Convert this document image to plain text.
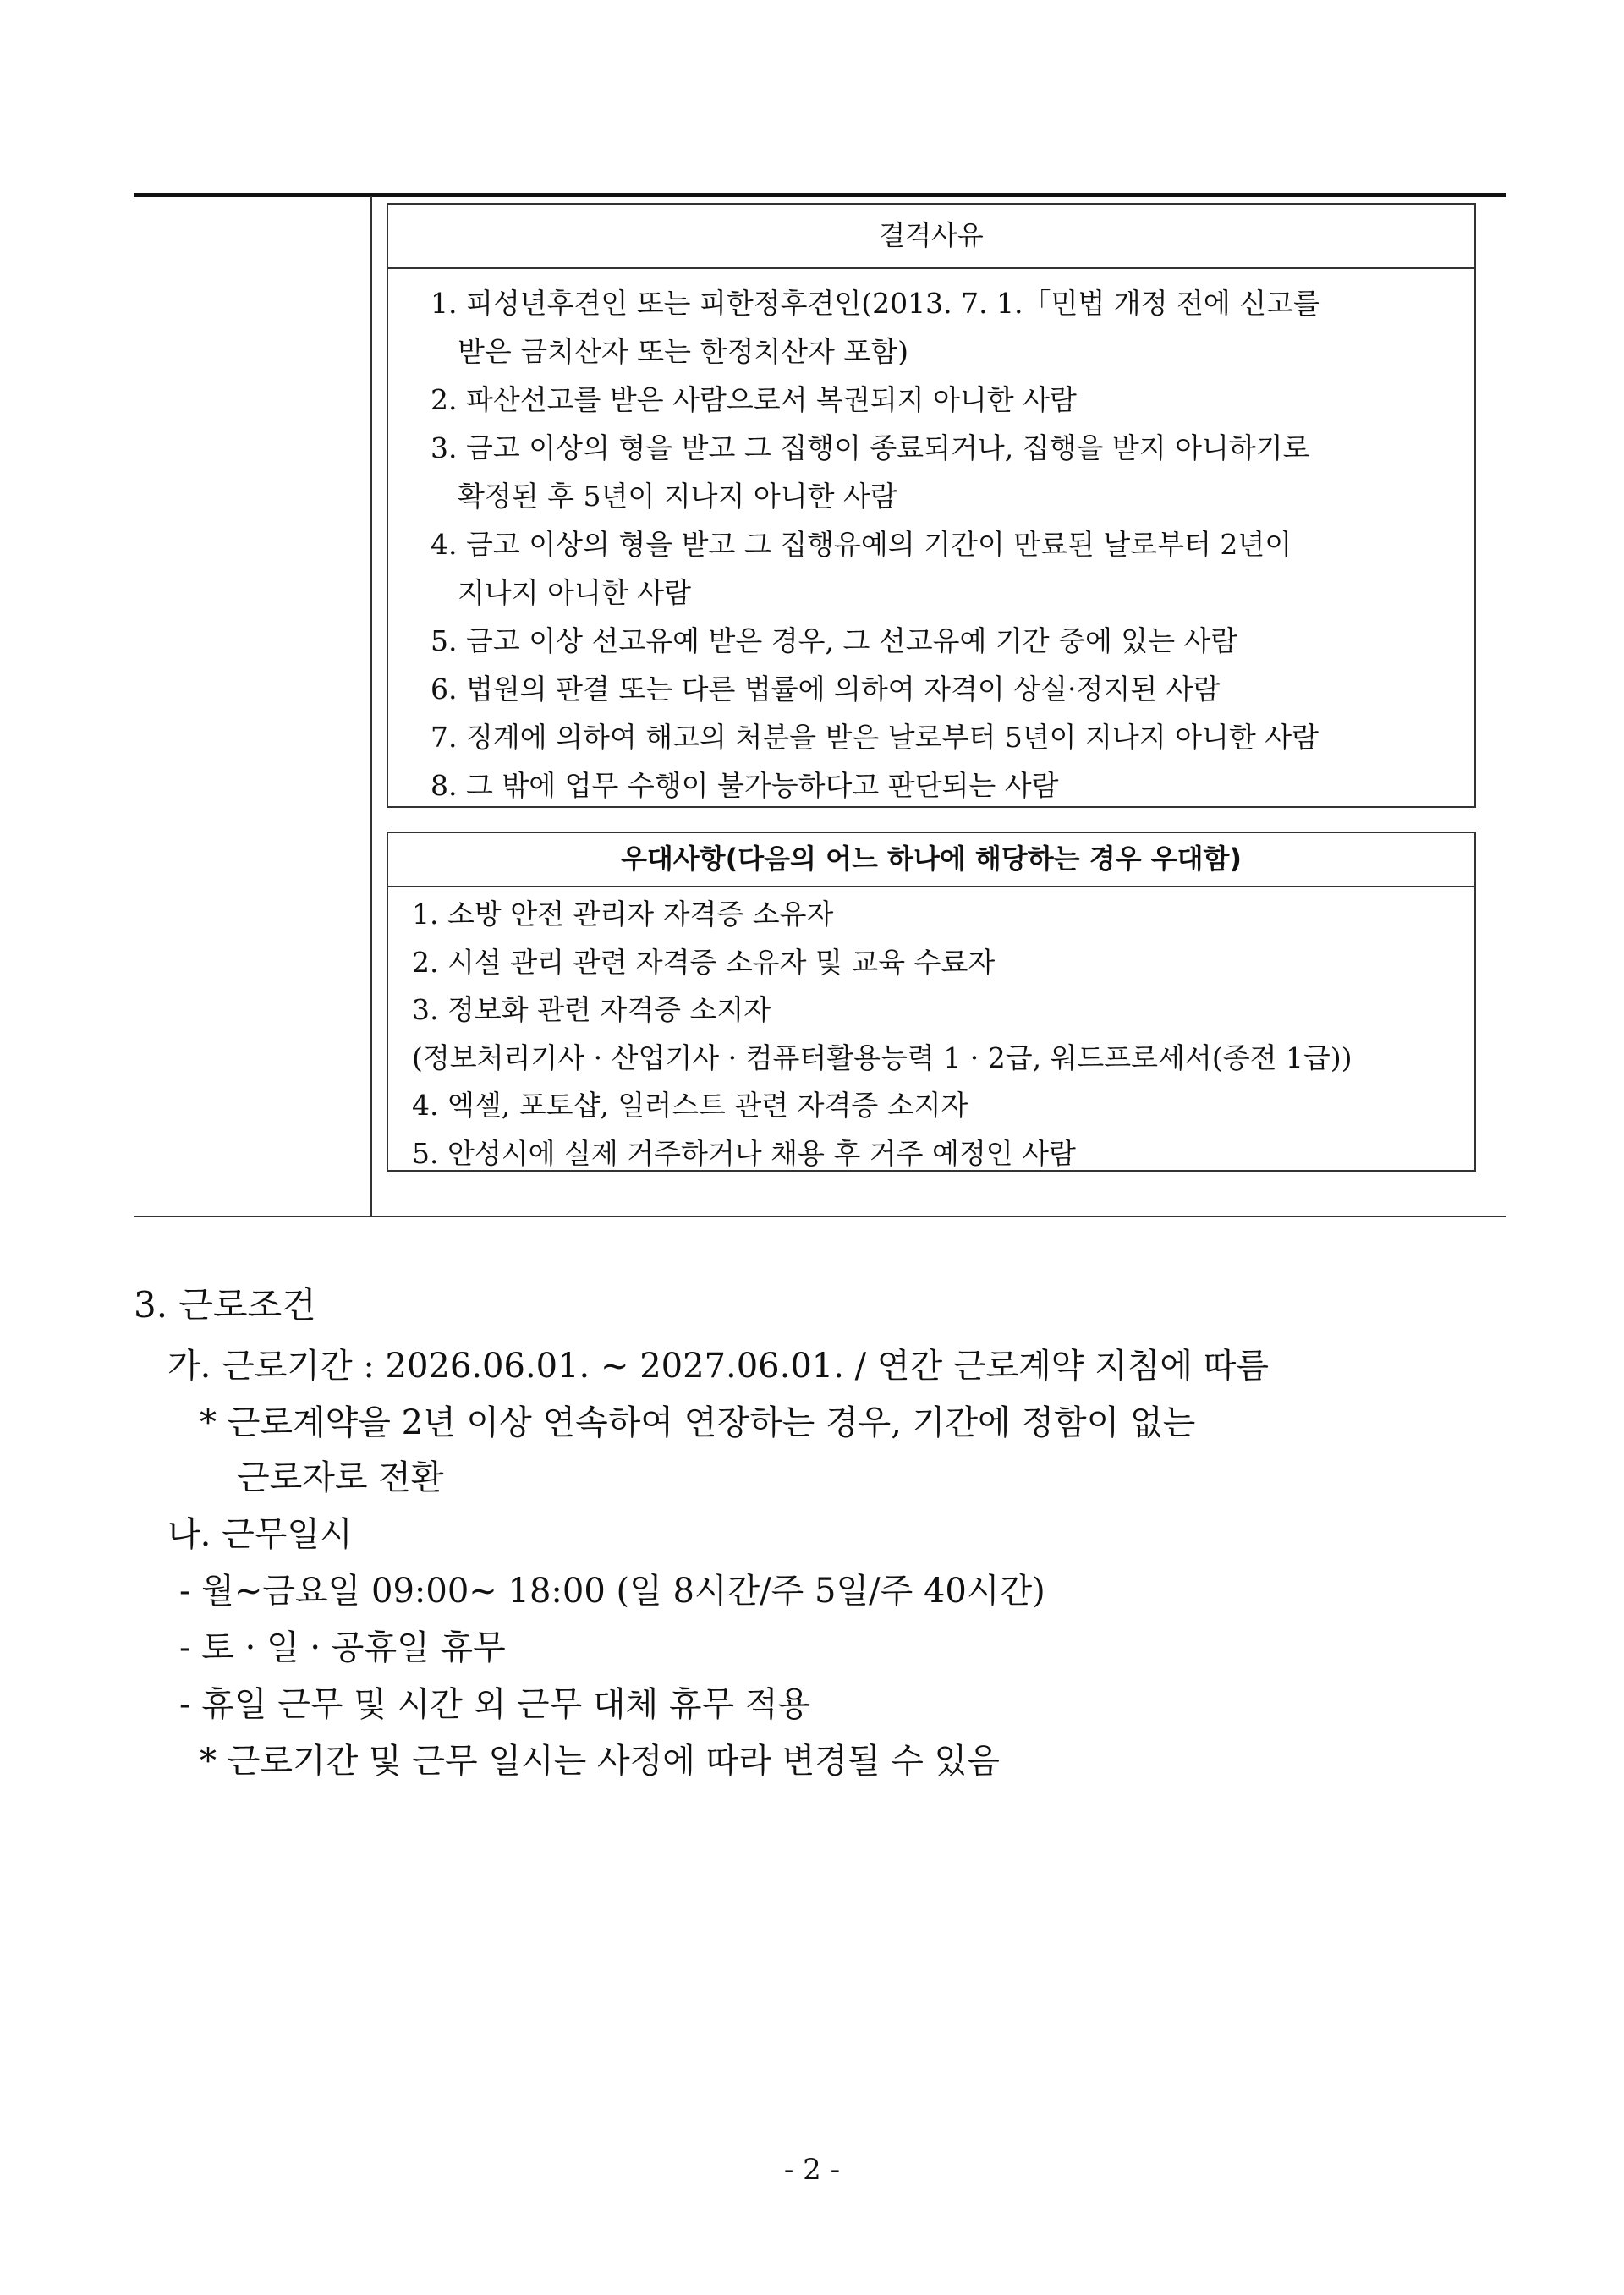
결격사유
1. 피성년후견인 또는 피한정후견인(2013. 7. 1.「민법 개정 전에 신고를
받은 금치산자 또는 한정치산자 포함)
2. 파산선고를 받은 사람으로서 복권되지 아니한 사람
3. 금고 이상의 형을 받고 그 집행이 종료되거나, 집행을 받지 아니하기로
확정된 후 5년이 지나지 아니한 사람
4. 금고 이상의 형을 받고 그 집행유예의 기간이 만료된 날로부터 2년이
지나지 아니한 사람
5. 금고 이상 선고유예 받은 경우, 그 선고유예 기간 중에 있는 사람
6. 법원의 판결 또는 다른 법률에 의하여 자격이 상실·정지된 사람
7. 징계에 의하여 해고의 처분을 받은 날로부터 5년이 지나지 아니한 사람
8. 그 밖에 업무 수행이 불가능하다고 판단되는 사람
우대사항(다음의 어느 하나에 해당하는 경우 우대함)
1. 소방 안전 관리자 자격증 소유자
2. 시설 관리 관련 자격증 소유자 및 교육 수료자
3. 정보화 관련 자격증 소지자
(정보처리기사 · 산업기사 · 컴퓨터활용능력 1 · 2급, 워드프로세서(종전 1급))
4. 엑셀, 포토샵, 일러스트 관련 자격증 소지자
5. 안성시에 실제 거주하거나 채용 후 거주 예정인 사람
3. 근로조건
가. 근로기간 : 2026.06.01. ~ 2027.06.01. / 연간 근로계약 지침에 따름
* 근로계약을 2년 이상 연속하여 연장하는 경우, 기간에 정함이 없는
근로자로 전환
나. 근무일시
- 월~금요일 09:00~ 18:00 (일 8시간/주 5일/주 40시간)
- 토 · 일 · 공휴일 휴무
- 휴일 근무 및 시간 외 근무 대체 휴무 적용
* 근로기간 및 근무 일시는 사정에 따라 변경될 수 있음
- 2 -
